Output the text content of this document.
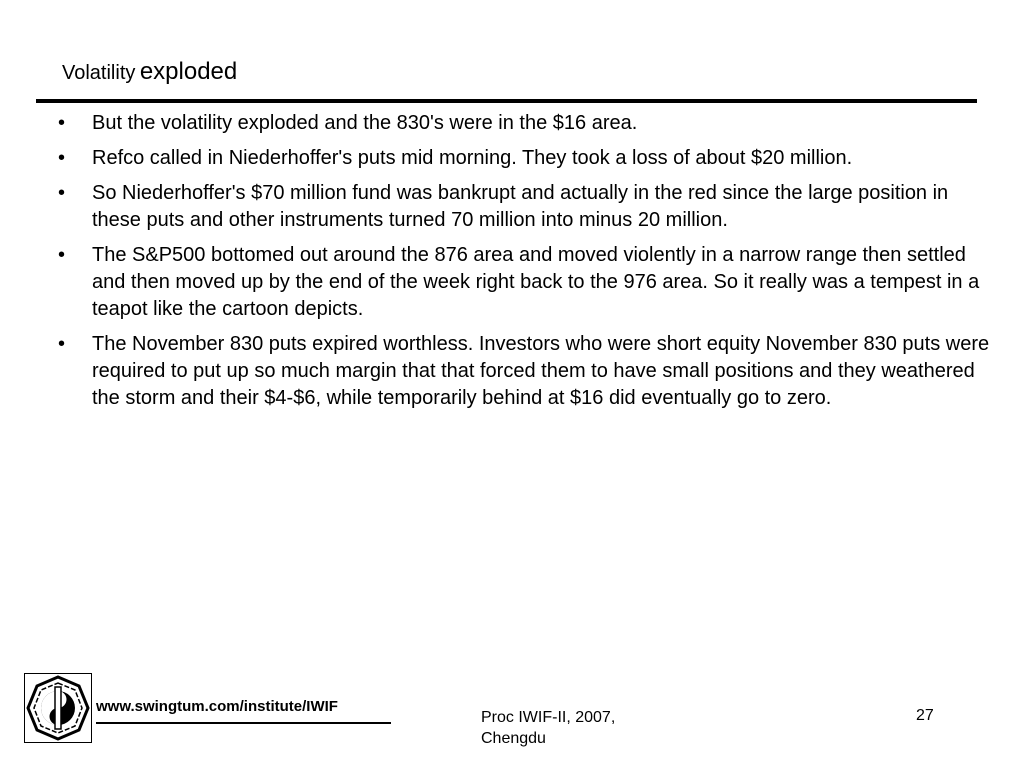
Volatility exploded
• But the volatility exploded and the 830's were in the $16 area.
• Refco called in Niederhoffer's puts mid morning. They took a loss of about $20 million.
• So Niederhoffer's $70 million fund was bankrupt and actually in the red since the large position in these puts and other instruments turned 70 million into minus 20 million.
• The S&P500 bottomed out around the 876 area and moved violently in a narrow range then settled and then moved up by the end of the week right back to the 976 area. So it really was a tempest in a teapot like the cartoon depicts.
• The November 830 puts expired worthless. Investors who were short equity November 830 puts were required to put up so much margin that that forced them to have small positions and they weathered the storm and their $4-$6, while temporarily behind at $16 did eventually go to zero.
www.swingtum.com/institute/IWIF
Proc IWIF-II, 2007, Chengdu
27
